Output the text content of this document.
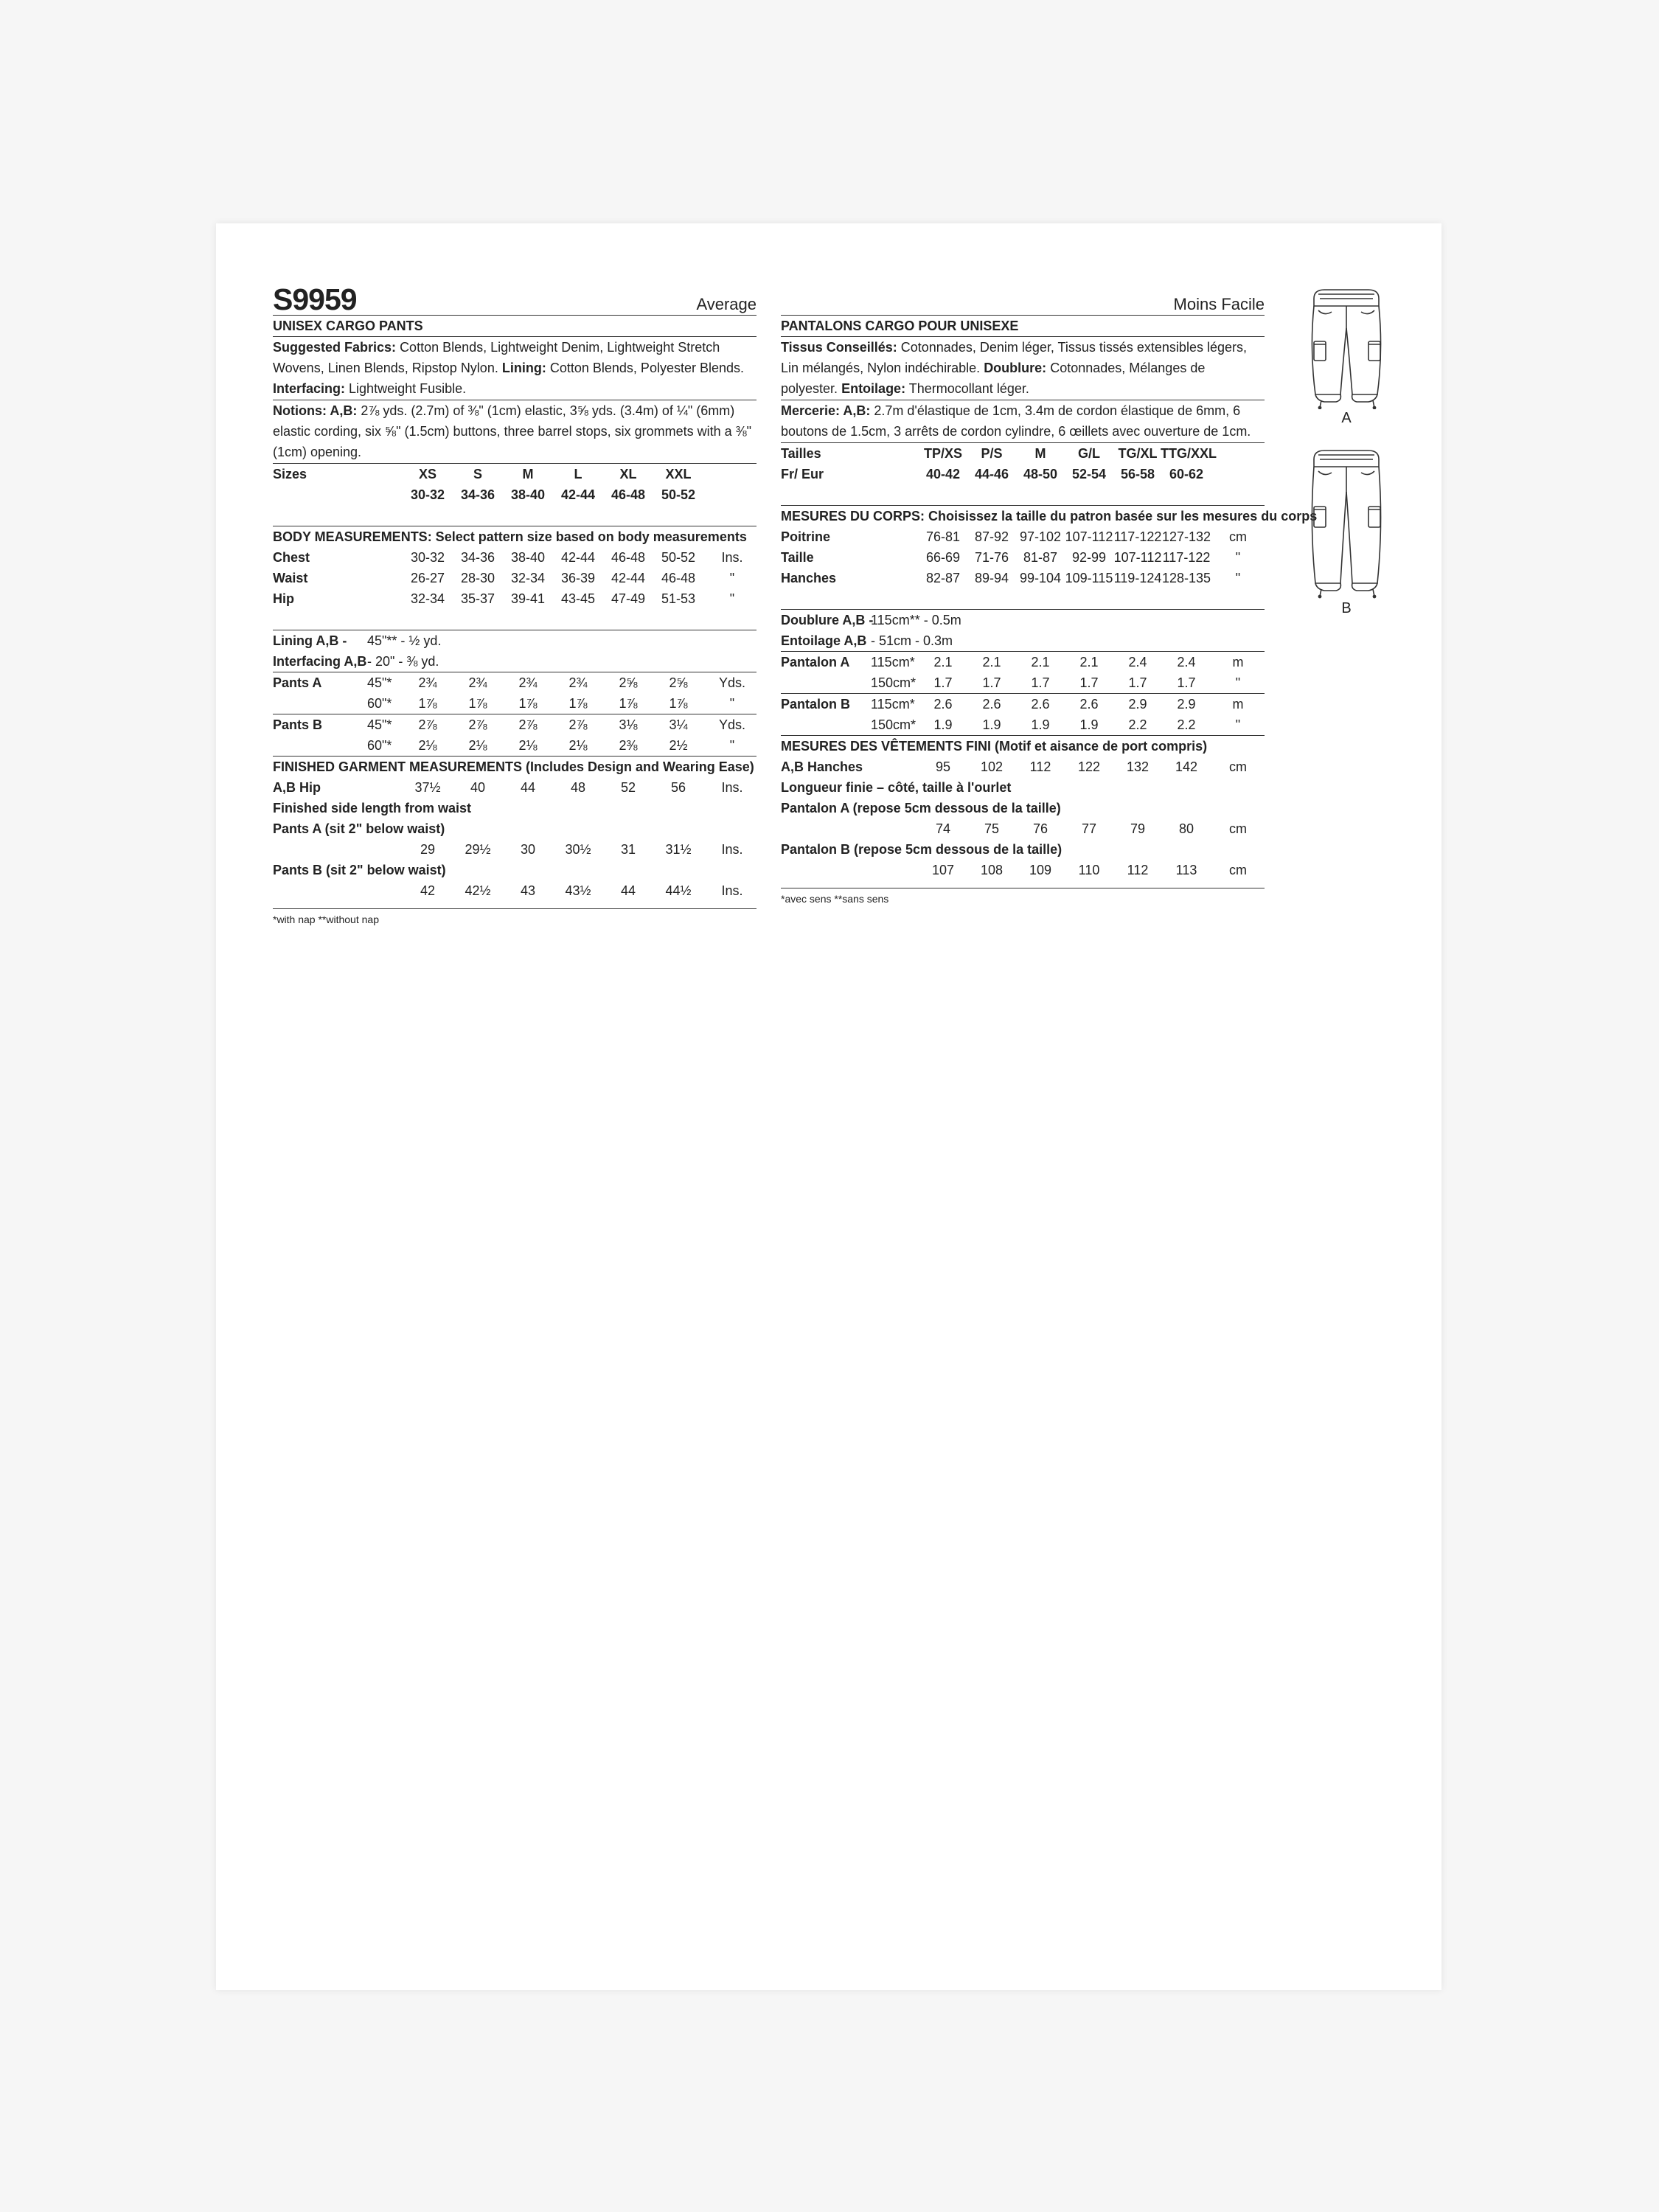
S9959	Average
UNISEX CARGO PANTS
Suggested Fabrics: Cotton Blends, Lightweight Denim, Lightweight Stretch Wovens, Linen Blends, Ripstop Nylon. Lining: Cotton Blends, Polyester Blends. Interfacing: Lightweight Fusible.
Notions: A,B: 2⅞ yds. (2.7m) of ⅜" (1cm) elastic, 3⅝ yds. (3.4m) of ¼" (6mm) elastic cording, six ⅝" (1.5cm) buttons, three barrel stops, six grommets with a ⅜" (1cm) opening.
Sizes	XS	S	M	L	XL	XXL
30-32	34-36	38-40	42-44	46-48	50-52
BODY MEASUREMENTS: Select pattern size based on body measurements
Chest	30-32	34-36	38-40	42-44	46-48	50-52	Ins.
Waist	26-27	28-30	32-34	36-39	42-44	46-48	"
Hip	32-34	35-37	39-41	43-45	47-49	51-53	"
Lining A,B - 45"** - ½ yd.
Interfacing A,B - 20" - ⅜ yd.
Pants A	45"*	2¾	2¾	2¾	2¾	2⅝	2⅝	Yds.
60"*	1⅞	1⅞	1⅞	1⅞	1⅞	1⅞	"
Pants B	45"*	2⅞	2⅞	2⅞	2⅞	3⅛	3¼	Yds.
60"*	2⅛	2⅛	2⅛	2⅛	2⅜	2½	"
FINISHED GARMENT MEASUREMENTS (Includes Design and Wearing Ease)
A,B Hip	37½	40	44	48	52	56	Ins.
Finished side length from waist
Pants A (sit 2" below waist)
29	29½	30	30½	31	31½	Ins.
Pants B (sit 2" below waist)
42	42½	43	43½	44	44½	Ins.
*with nap **without nap
Moins Facile
PANTALONS CARGO POUR UNISEXE
Tissus Conseillés: Cotonnades, Denim léger, Tissus tissés extensibles légers, Lin mélangés, Nylon indéchirable. Doublure: Cotonnades, Mélanges de polyester. Entoilage: Thermocollant léger.
Mercerie: A,B: 2.7m d'élastique de 1cm, 3.4m de cordon élastique de 6mm, 6 boutons de 1.5cm, 3 arrêts de cordon cylindre, 6 œillets avec ouverture de 1cm.
Tailles	TP/XS	P/S	M	G/L	TG/XL TTG/XXL
Fr/ Eur	40-42	44-46	48-50	52-54	56-58	60-62
MESURES DU CORPS: Choisissez la taille du patron basée sur les mesures du corps
Poitrine	76-81	87-92 97-102 107-112 117-122 127-132	cm
Taille	66-69	71-76	81-87	92-99 107-112 117-122	"
Hanches	82-87	89-94 99-104 109-115 119-124 128-135	"
Doublure A,B -
115cm** - 0.5m
Entoilage A,B - 51cm - 0.3m
Pantalon A 115cm*	2.1	2.1	2.1	2.1	2.4	2.4	m
150cm*	1.7	1.7	1.7	1.7	1.7	1.7	"
Pantalon B 115cm*	2.6	2.6	2.6	2.6	2.9	2.9	m
150cm*	1.9	1.9	1.9	1.9	2.2	2.2	"
MESURES DES VÊTEMENTS FINI (Motif et aisance de port compris)
A,B Hanches	95	102	112	122	132	142	cm
Longueur finie – côté, taille à l'ourlet
Pantalon A (repose 5cm dessous de la taille)
74	75	76	77	79	80	cm
Pantalon B (repose 5cm dessous de la taille)
107	108	109	110	112	113	cm
*avec sens **sans sens
A
B
